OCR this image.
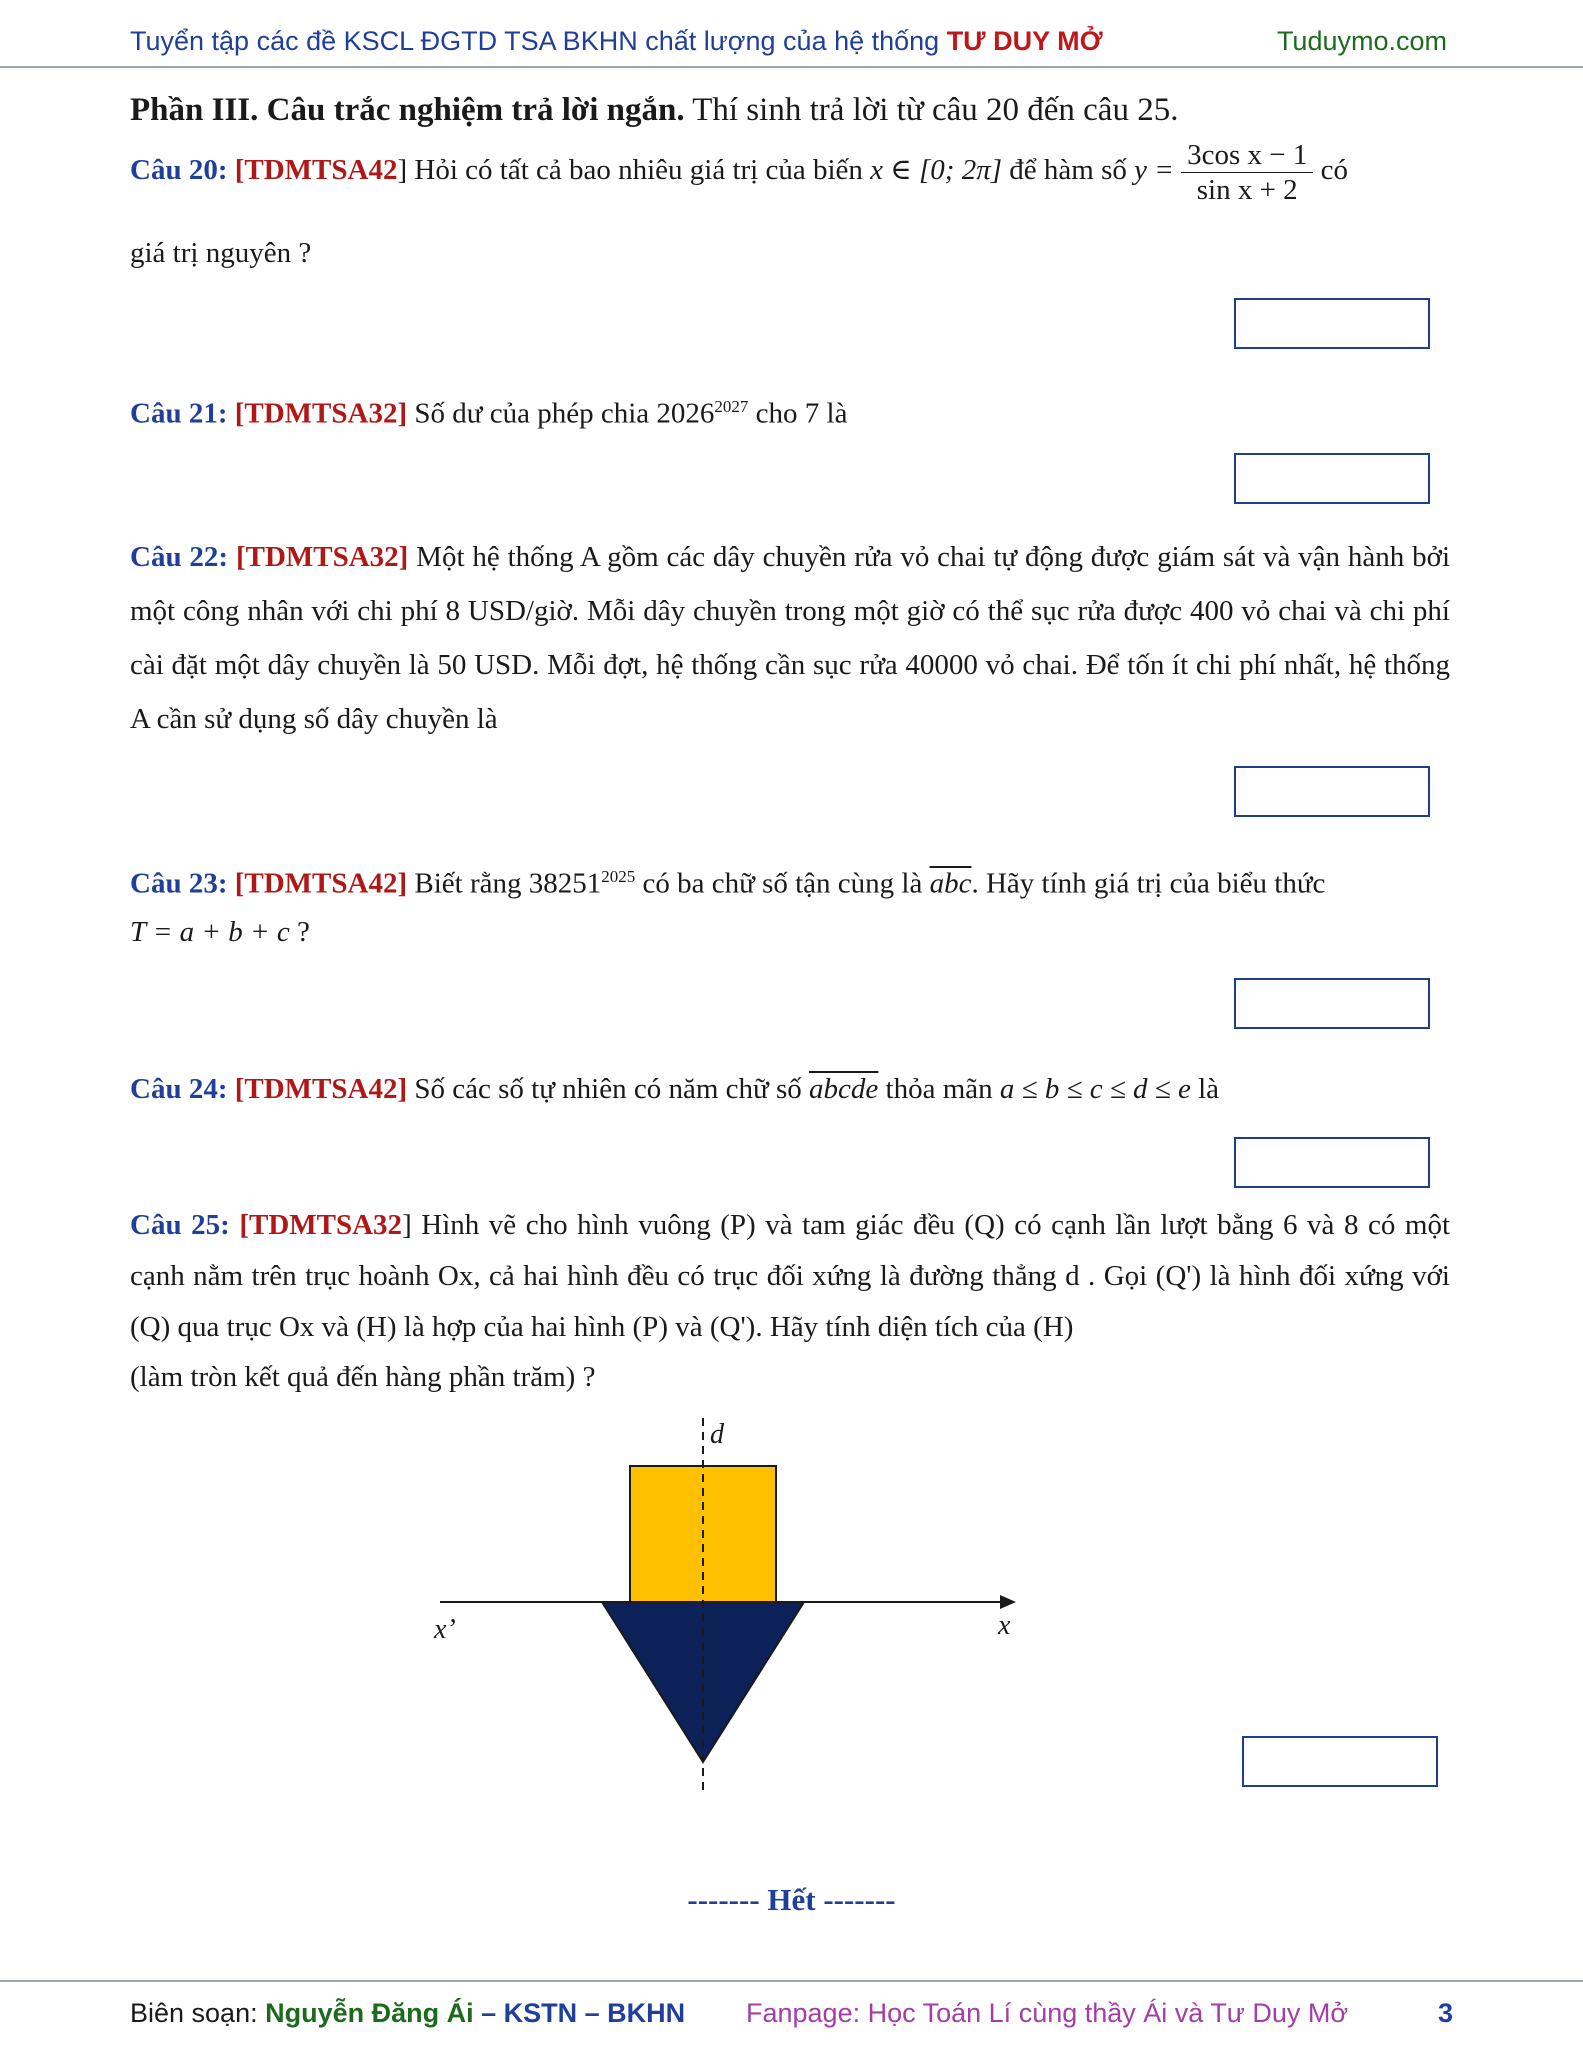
Tuyển tập các đề KSCL ĐGTD TSA BKHN chất lượng của hệ thống TƯ DUY MỞ	Tuduymo.com
Phần III. Câu trắc nghiệm trả lời ngắn. Thí sinh trả lời từ câu 20 đến câu 25.
Câu 20: [TDMTSA42] Hỏi có tất cả bao nhiêu giá trị của biến x ∈ [0; 2π] để hàm số $y = \frac{\text{3cos x − 1}}{\text{sin x + 2}}$ có
giá trị nguyên ?
Câu 21: [TDMTSA32] Số dư của phép chia $2026^{2027}$ cho 7 là
Câu 22: [TDMTSA32] Một hệ thống A gồm các dây chuyền rửa vỏ chai tự động được giám sát và vận hành bởi một công nhân với chi phí 8 USD/giờ. Mỗi dây chuyền trong một giờ có thể sục rửa được 400 vỏ chai và chi phí cài đặt một dây chuyền là 50 USD. Mỗi đợt, hệ thống cần sục rửa 40000 vỏ chai. Để tốn ít chi phí nhất, hệ thống A cần sử dụng số dây chuyền là
Câu 23: [TDMTSA42] Biết rằng $38251^{2025}$ có ba chữ số tận cùng là $\overline{abc}$. Hãy tính giá trị của biểu thức
T = a + b + c ?
Câu 24: [TDMTSA42] Số các số tự nhiên có năm chữ số abcde thỏa mãn a ≤ b ≤ c ≤ d ≤ e là
Câu 25: [TDMTSA32] Hình vẽ cho hình vuông (P) và tam giác đều (Q) có cạnh lần lượt bằng 6 và 8 có một cạnh nằm trên trục hoành Ox, cả hai hình đều có trục đối xứng là đường thẳng d . Gọi (Q') là hình đối xứng với (Q) qua trục Ox và (H) là hợp của hai hình (P) và (Q'). Hãy tính diện tích của (H)
(làm tròn kết quả đến hàng phần trăm) ?
d
x
x’
------- Hết -------
Biên soạn: Nguyễn Đăng Ái – KSTN – BKHN Fanpage: Học Toán Lí cùng thầy Ái và Tư Duy Mở	3
